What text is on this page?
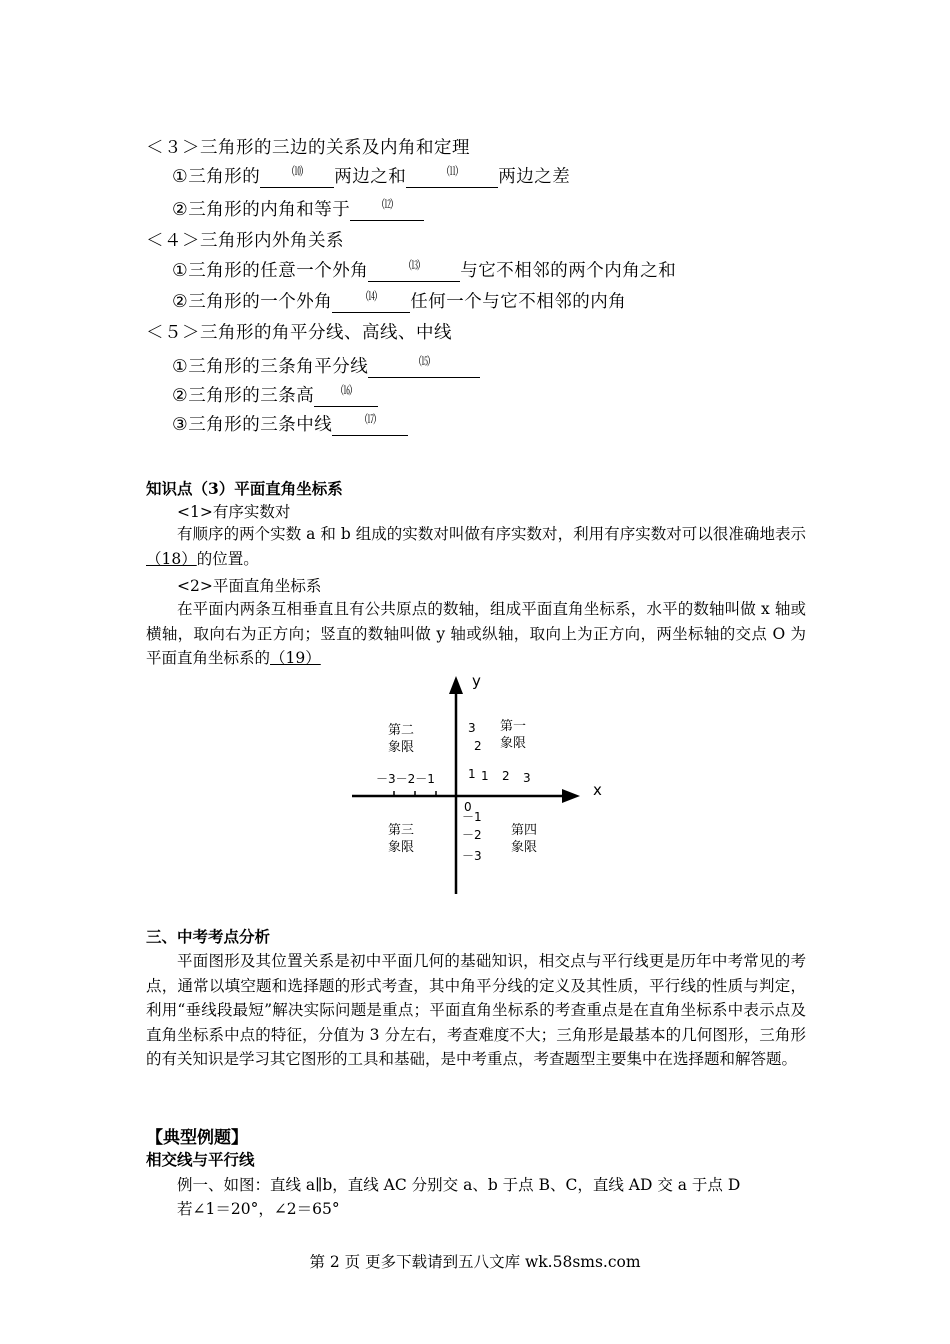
＜３＞三角形的三边的关系及内角和定理
①三角形的	⑽ 两边之和	⑾ 两边之差
②三角形的内角和等于	⑿
＜４＞三角形内外角关系
①三角形的任意一个外角	⒀ 与它不相邻的两个内角之和
②三角形的一个外角	⒁ 任何一个与它不相邻的内角
＜５＞三角形的角平分线、高线、中线
①三角形的三条角平分线	⒂
②三角形的三条高 ⒃
③三角形的三条中线	⒄
知识点（3）平面直角坐标系
<1>有序实数对
有顺序的两个实数 a 和 b 组成的实数对叫做有序实数对，利用有序实数对可以很准确地表示（18）的位置。
<2>平面直角坐标系
在平面内两条互相垂直且有公共原点的数轴，组成平面直角坐标系，水平的数轴叫做 x 轴或横轴，取向右为正方向；竖直的数轴叫做 y 轴或纵轴，取向上为正方向，两坐标轴的交点 O 为平面直角坐标系的（19）
x
y
0
3
2
1 1 2 3
－3－2－1
－1
－2
－3
第二
象限
第一
象限
第三
象限
第四
象限
三、中考考点分析
平面图形及其位置关系是初中平面几何的基础知识，相交点与平行线更是历年中考常见的考点，通常以填空题和选择题的形式考查，其中角平分线的定义及其性质，平行线的性质与判定，利用“垂线段最短”解决实际问题是重点；平面直角坐标系的考查重点是在直角坐标系中表示点及直角坐标系中点的特征，分值为 3 分左右，考查难度不大；三角形是最基本的几何图形，三角形的有关知识是学习其它图形的工具和基础，是中考重点，考查题型主要集中在选择题和解答题。
【典型例题】
相交线与平行线
例一、如图：直线 a∥b，直线 AC 分别交 a、b 于点 B、C，直线 AD 交 a 于点 D
若∠1＝20°，∠2＝65°
第 2 页 更多下载请到五八文库 wk.58sms.com
